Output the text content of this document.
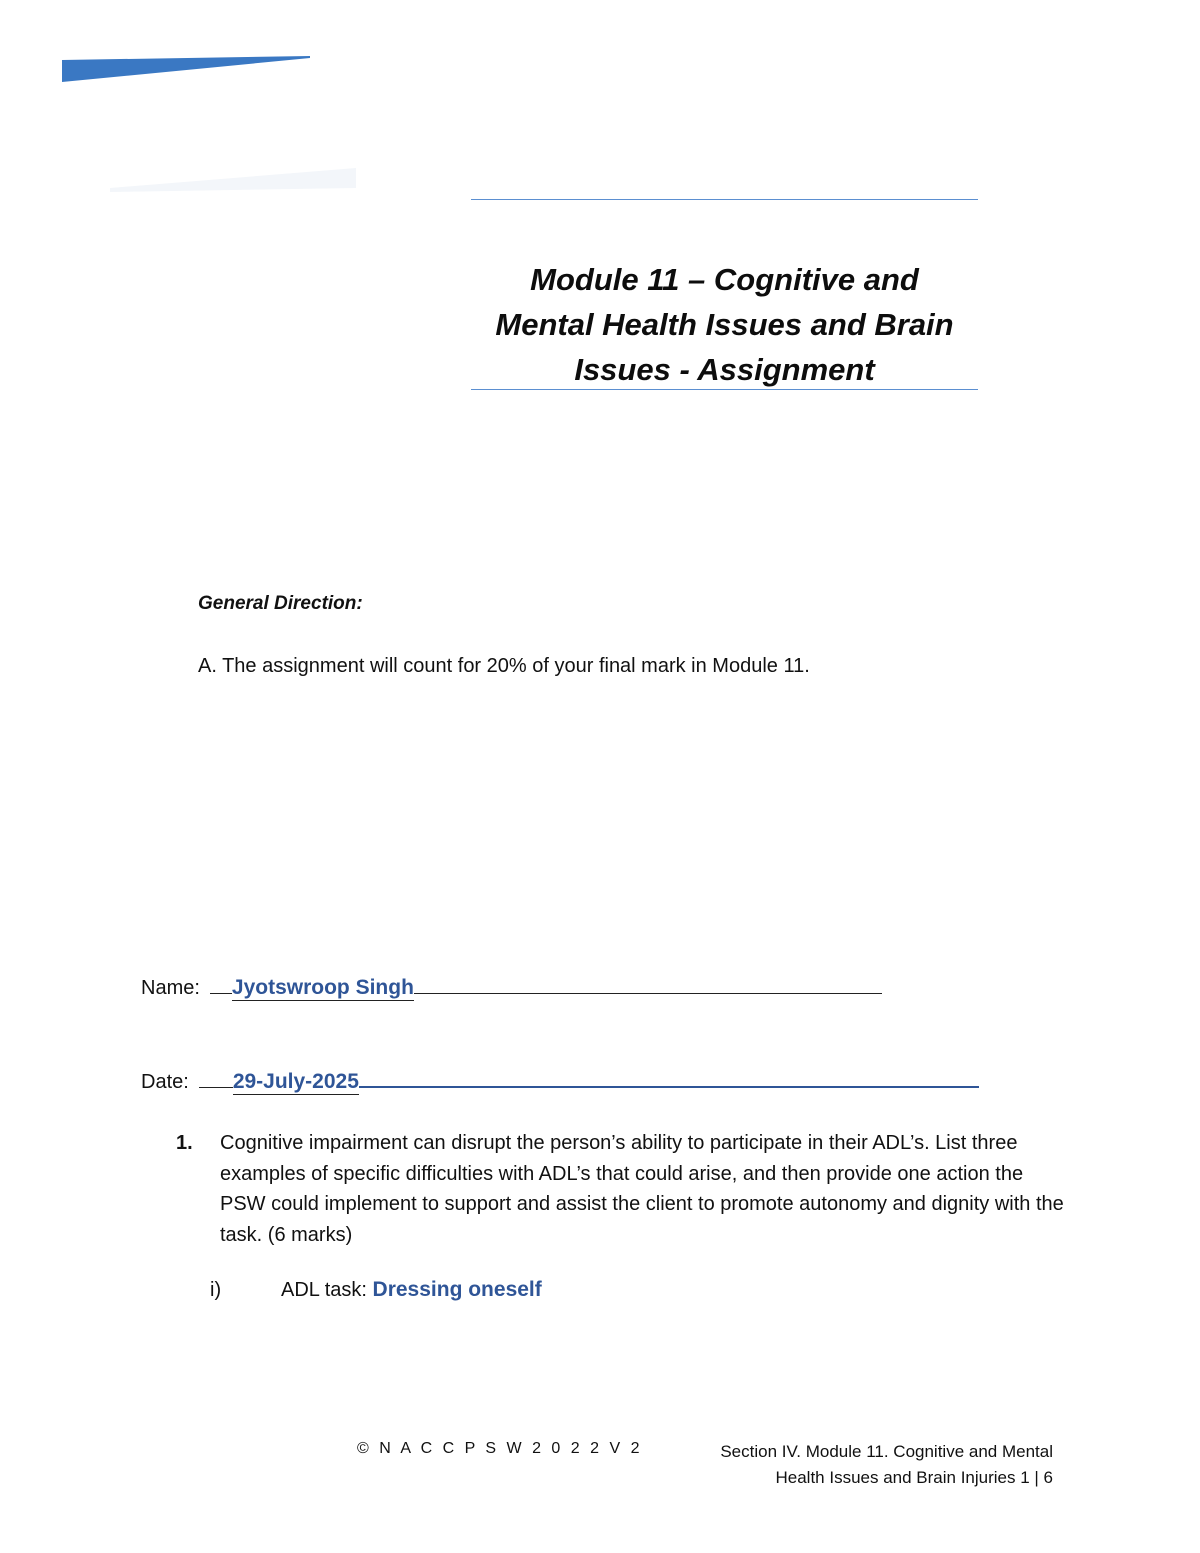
Module 11 – Cognitive and
Mental Health Issues and Brain
Issues - Assignment
General Direction:
A. The assignment will count for 20% of your final mark in Module 11.
Name: Jyotswroop Singh
Date: 29-July-2025
1. Cognitive impairment can disrupt the person’s ability to participate in their ADL’s. List three examples of specific difficulties with ADL’s that could arise, and then provide one action the PSW could implement to support and assist the client to promote autonomy and dignity with the task. (6 marks)
i)	ADL task: Dressing oneself
© N A C C P S W 2 0 2 2 V 2	Section IV. Module 11. Cognitive and Mental
Health Issues and Brain Injuries 1 | 6
